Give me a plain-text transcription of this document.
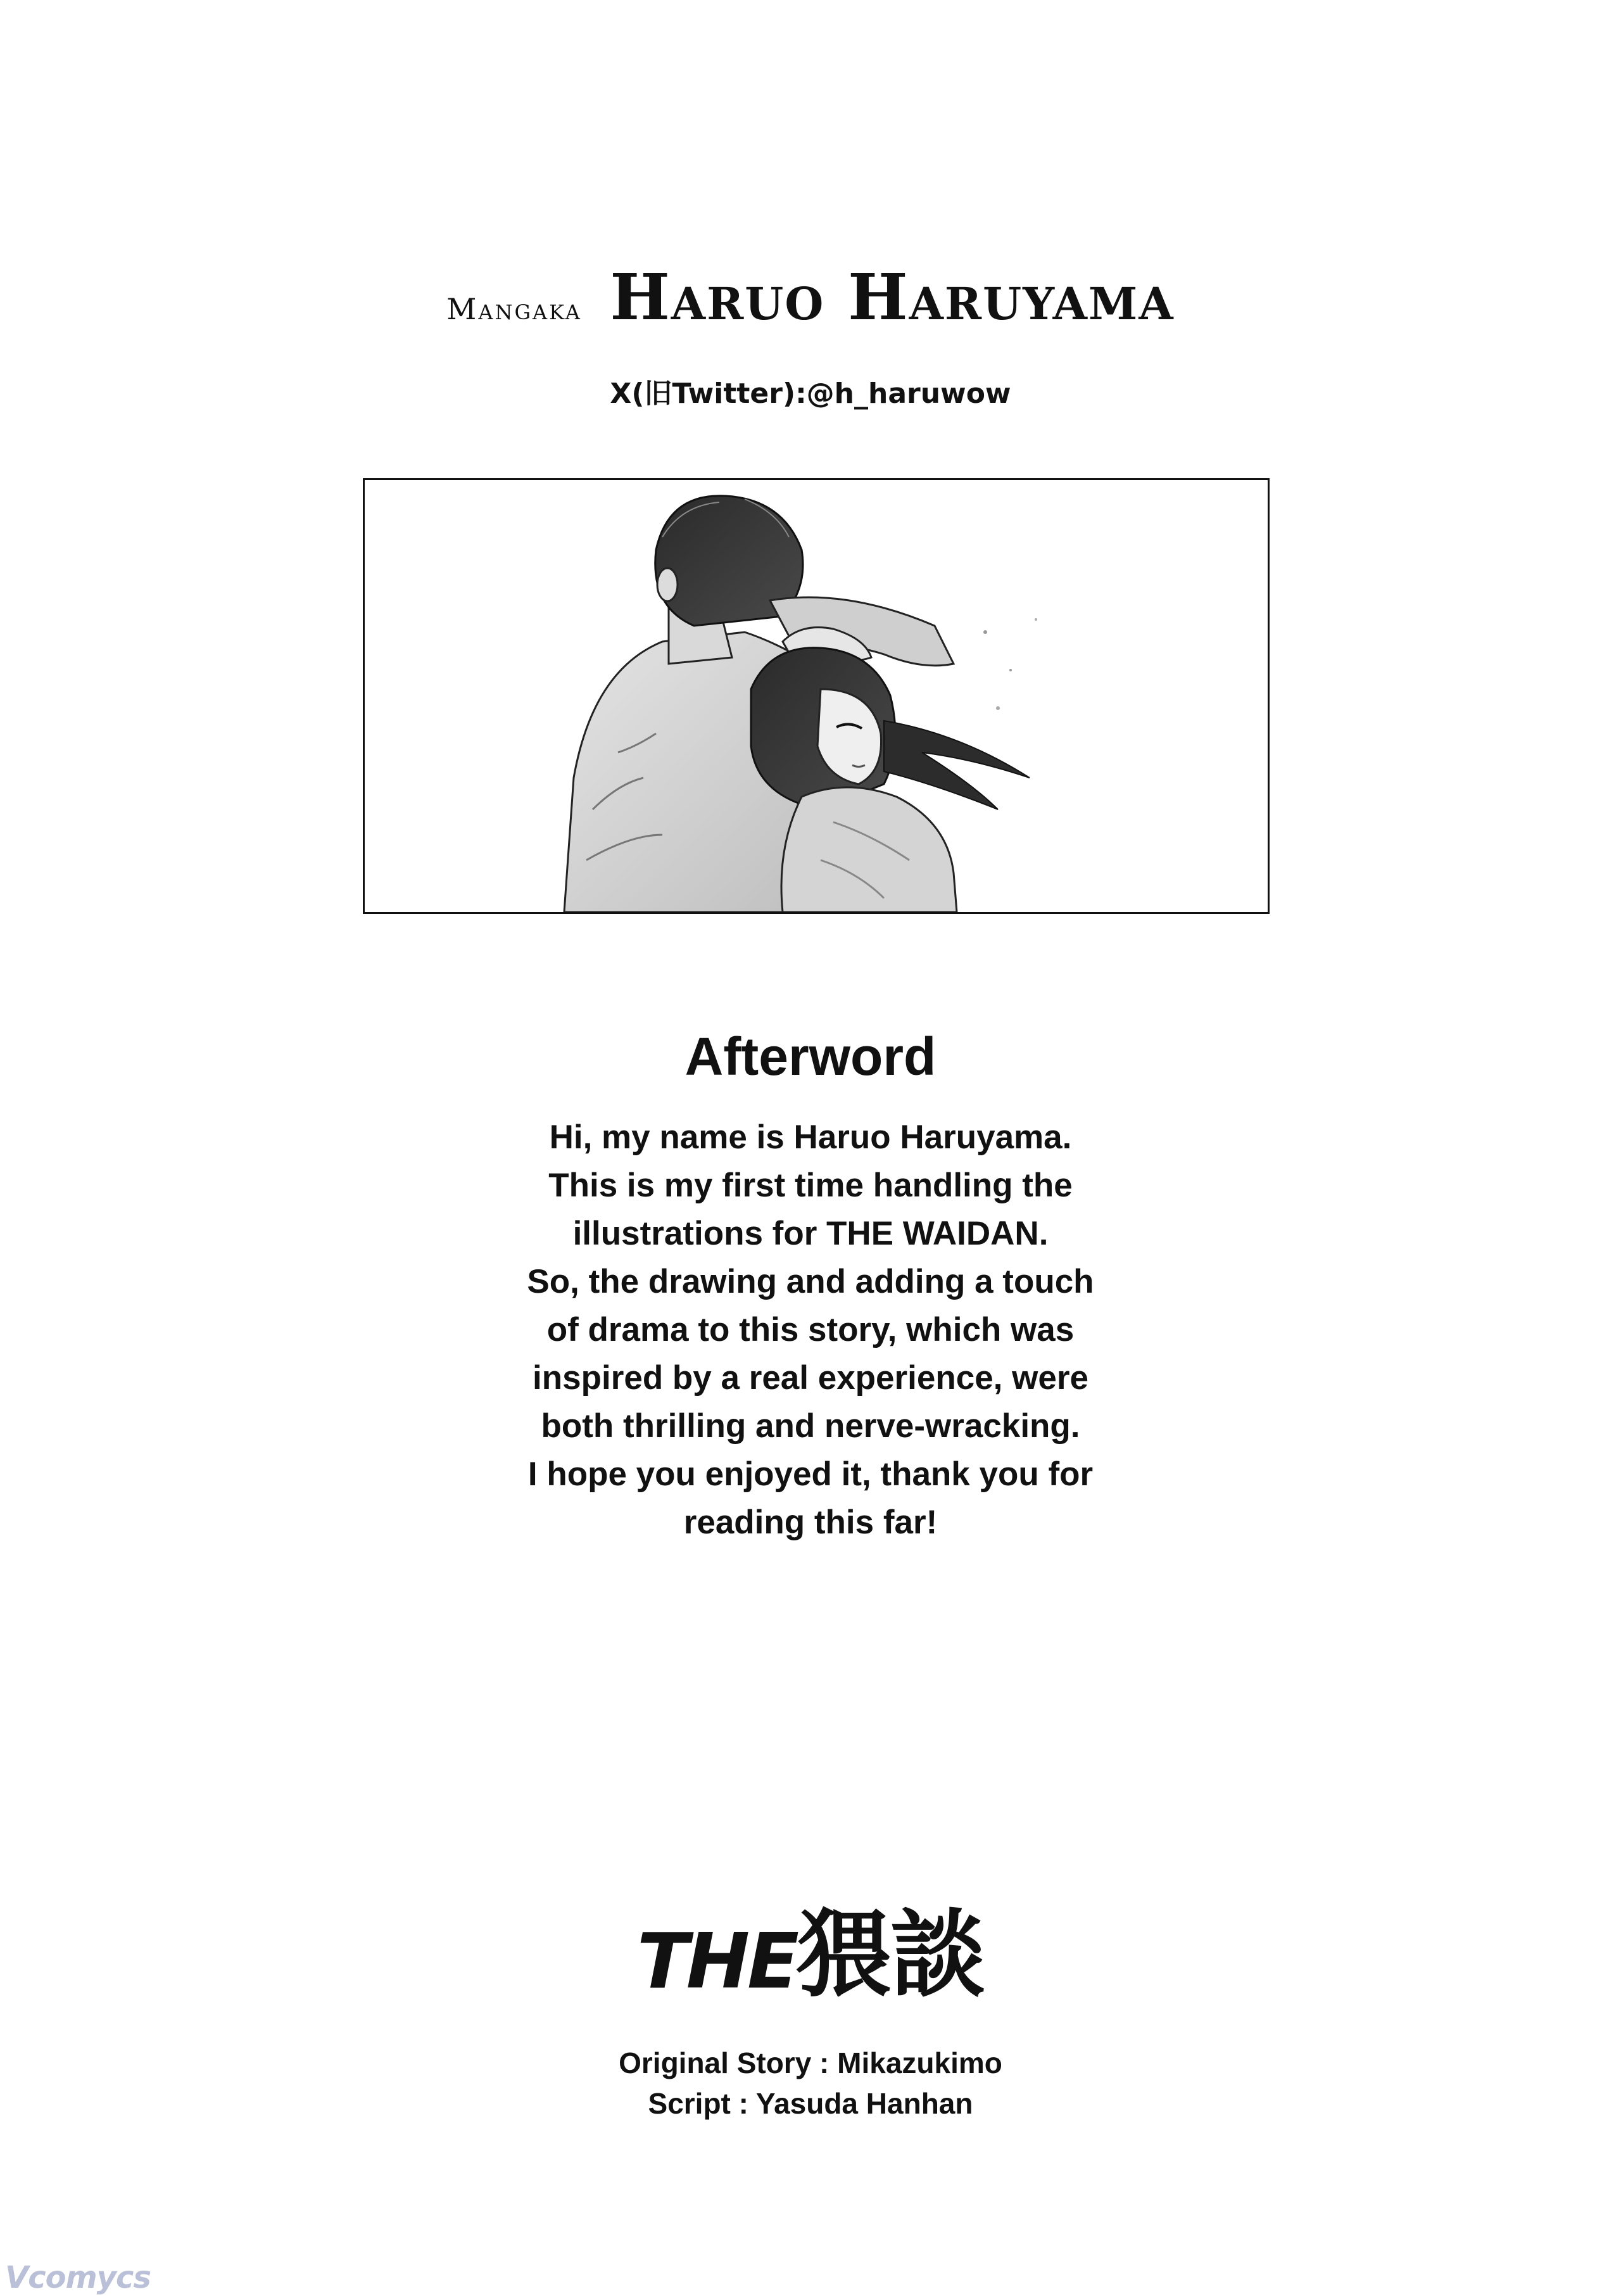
Mangaka Haruo Haruyama
X(旧Twitter):@h_haruwow
Afterword
Hi, my name is Haruo Haruyama.
This is my first time handling the
illustrations for THE WAIDAN.
So, the drawing and adding a touch
of drama to this story, which was
inspired by a real experience, were
both thrilling and nerve-wracking.
I hope you enjoyed it, thank you for
reading this far!
THE猥談
Original Story : Mikazukimo
Script : Yasuda Hanhan
Vcomycs
